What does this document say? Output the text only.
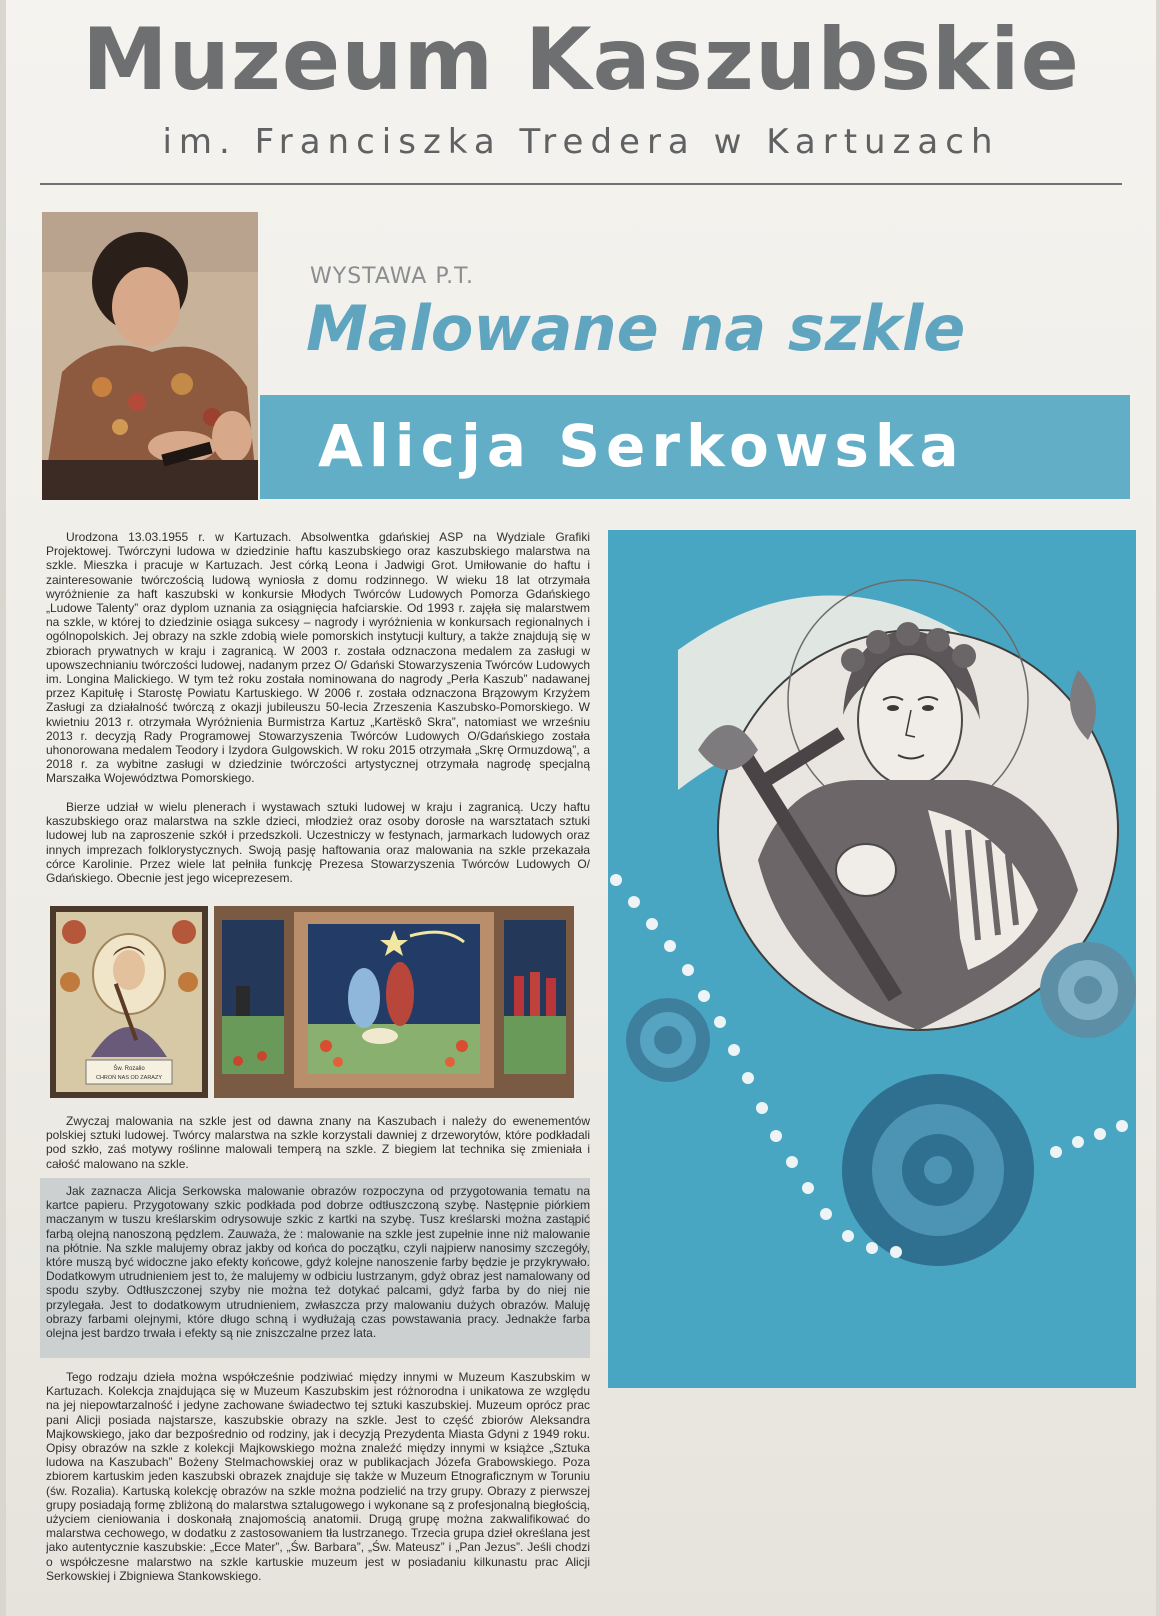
Muzeum Kaszubskie
im. Franciszka Tredera w Kartuzach
WYSTAWA P.T.
Malowane na szkle
Alicja Serkowska

Urodzona 13.03.1955 r. w Kartuzach. Absolwentka gdańskiej ASP na Wydziale Grafiki Projektowej. Twórczyni ludowa w dziedzinie haftu kaszubskiego oraz kaszubskiego malarstwa na szkle. Mieszka i pracuje w Kartuzach. Jest córką Leona i Jadwigi Grot. Umiłowanie do haftu i zainteresowanie twórczością ludową wyniosła z domu rodzinnego. W wieku 18 lat otrzymała wyróżnienie za haft kaszubski w konkursie Młodych Twórców Ludowych Pomorza Gdańskiego „Ludowe Talenty” oraz dyplom uznania za osiągnięcia hafciarskie. Od 1993 r. zajęła się malarstwem na szkle, w której to dziedzinie osiąga sukcesy – nagrody i wyróżnienia w konkursach regionalnych i ogólnopolskich. Jej obrazy na szkle zdobią wiele pomorskich instytucji kultury, a także znajdują się w zbiorach prywatnych w kraju i zagranicą. W 2003 r. została odznaczona medalem za zasługi w upowszechnianiu twórczości ludowej, nadanym przez O/ Gdański Stowarzyszenia Twórców Ludowych im. Longina Malickiego. W tym też roku została nominowana do nagrody „Perła Kaszub” nadawanej przez Kapitułę i Starostę Powiatu Kartuskiego. W 2006 r. została odznaczona Brązowym Krzyżem Zasługi za działalność twórczą z okazji jubileuszu 50-lecia Zrzeszenia Kaszubsko-Pomorskiego. W kwietniu 2013 r. otrzymała Wyróżnienia Burmistrza Kartuz „Kartëskô Skra”, natomiast we wrześniu 2013 r. decyzją Rady Programowej Stowarzyszenia Twórców Ludowych O/Gdańskiego została uhonorowana medalem Teodory i Izydora Gulgowskich. W roku 2015 otrzymała „Skrę Ormuzdową”, a 2018 r. za wybitne zasługi w dziedzinie twórczości artystycznej otrzymała nagrodę specjalną Marszałka Województwa Pomorskiego.

Bierze udział w wielu plenerach i wystawach sztuki ludowej w kraju i zagranicą. Uczy haftu kaszubskiego oraz malarstwa na szkle dzieci, młodzież oraz osoby dorosłe na warsztatach sztuki ludowej lub na zaproszenie szkół i przedszkoli. Uczestniczy w festynach, jarmarkach ludowych oraz innych imprezach folklorystycznych. Swoją pasję haftowania oraz malowania na szkle przekazała córce Karolinie. Przez wiele lat pełniła funkcję Prezesa Stowarzyszenia Twórców Ludowych O/ Gdańskiego. Obecnie jest jego wiceprezesem.

Św. Rozalio
CHROŃ NAS OD ZARAZY

Zwyczaj malowania na szkle jest od dawna znany na Kaszubach i należy do ewenementów polskiej sztuki ludowej. Twórcy malarstwa na szkle korzystali dawniej z drzeworytów, które podkładali pod szkło, zaś motywy roślinne malowali temperą na szkle. Z biegiem lat technika się zmieniała i całość malowano na szkle.

Jak zaznacza Alicja Serkowska malowanie obrazów rozpoczyna od przygotowania tematu na kartce papieru. Przygotowany szkic podkłada pod dobrze odtłuszczoną szybę. Następnie piórkiem maczanym w tuszu kreślarskim odrysowuje szkic z kartki na szybę. Tusz kreślarski można zastąpić farbą olejną nanoszoną pędzlem. Zauważa, że : malowanie na szkle jest zupełnie inne niż malowanie na płótnie. Na szkle malujemy obraz jakby od końca do początku, czyli najpierw nanosimy szczegóły, które muszą być widoczne jako efekty końcowe, gdyż kolejne nanoszenie farby będzie je przykrywało. Dodatkowym utrudnieniem jest to, że malujemy w odbiciu lustrzanym, gdyż obraz jest namalowany od spodu szyby. Odtłuszczonej szyby nie można też dotykać palcami, gdyż farba by do niej nie przylegała. Jest to dodatkowym utrudnieniem, zwłaszcza przy malowaniu dużych obrazów. Maluję obrazy farbami olejnymi, które długo schną i wydłużają czas powstawania pracy. Jednakże farba olejna jest bardzo trwała i efekty są nie zniszczalne przez lata.

Tego rodzaju dzieła można współcześnie podziwiać między innymi w Muzeum Kaszubskim w Kartuzach. Kolekcja znajdująca się w Muzeum Kaszubskim jest różnorodna i unikatowa ze względu na jej niepowtarzalność i jedyne zachowane świadectwo tej sztuki kaszubskiej. Muzeum oprócz prac pani Alicji posiada najstarsze, kaszubskie obrazy na szkle. Jest to część zbiorów Aleksandra Majkowskiego, jako dar bezpośrednio od rodziny, jak i decyzją Prezydenta Miasta Gdyni z 1949 roku. Opisy obrazów na szkle z kolekcji Majkowskiego można znaleźć między innymi w książce „Sztuka ludowa na Kaszubach” Bożeny Stelmachowskiej oraz w publikacjach Józefa Grabowskiego. Poza zbiorem kartuskim jeden kaszubski obrazek znajduje się także w Muzeum Etnograficznym w Toruniu (św. Rozalia). Kartuską kolekcję obrazów na szkle można podzielić na trzy grupy. Obrazy z pierwszej grupy posiadają formę zbliżoną do malarstwa sztalugowego i wykonane są z profesjonalną biegłością, użyciem cieniowania i doskonałą znajomością anatomii. Drugą grupę można zakwalifikować do malarstwa cechowego, w dodatku z zastosowaniem tła lustrzanego. Trzecia grupa dzieł określana jest jako autentycznie kaszubskie: „Ecce Mater”, „Św. Barbara”, „Św. Mateusz” i „Pan Jezus”. Jeśli chodzi o współczesne malarstwo na szkle kartuskie muzeum jest w posiadaniu kilkunastu prac Alicji Serkowskiej i Zbigniewa Stankowskiego.
